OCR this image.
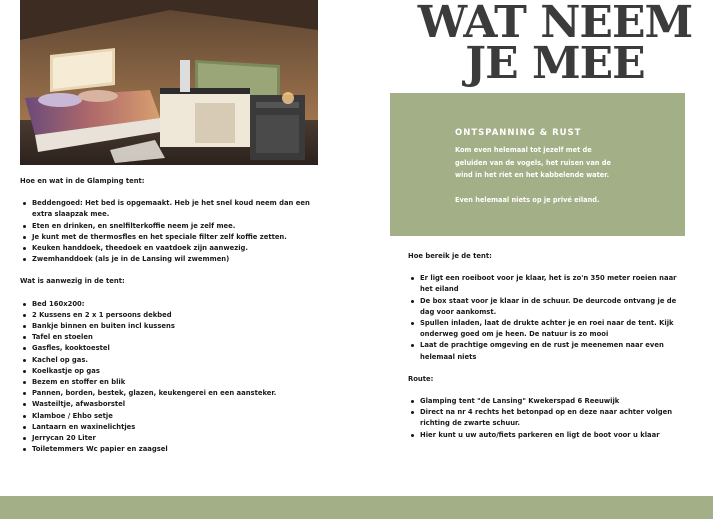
WAT NEEM
JE MEE
ONTSPANNING & RUST

Kom even helemaal tot jezelf met de
geluiden van de vogels, het ruisen van de
wind in het riet en het kabbelende water.

Even helemaal niets op je privé eiland.

Hoe en wat in de Glamping tent:

Beddengoed: Het bed is opgemaakt. Heb je het snel koud neem dan een extra slaapzak mee.
Eten en drinken, en snelfilterkoffie neem je zelf mee.
Je kunt met de thermosfles en het speciale filter zelf koffie zetten.
Keuken handdoek, theedoek en vaatdoek zijn aanwezig.
Zwemhanddoek (als je in de Lansing wil zwemmen)

Wat is aanwezig in de tent:

Bed 160x200:
2 Kussens en 2 x 1 persoons dekbed
Bankje binnen en buiten incl kussens
Tafel en stoelen
Gasfles, kooktoestel
Kachel op gas.
Koelkastje op gas
Bezem en stoffer en blik
Pannen, borden, bestek, glazen, keukengerei en een aansteker.
Wasteiltje, afwasborstel
Klamboe / Ehbo setje
Lantaarn en waxinelichtjes
Jerrycan 20 Liter
Toiletemmers Wc papier en zaagsel

Hoe bereik je de tent:

Er ligt een roeiboot voor je klaar, het is zo'n 350 meter roeien naar het eiland
De box staat voor je klaar in de schuur. De deurcode ontvang je de dag voor aankomst.
Spullen inladen, laat de drukte achter je en roei naar de tent. Kijk onderweg goed om je heen. De natuur is zo mooi
Laat de prachtige omgeving en de rust je meenemen naar even helemaal niets

Route:

Glamping tent "de Lansing" Kwekerspad 6 Reeuwijk
Direct na nr 4 rechts het betonpad op en deze naar achter volgen richting de zwarte schuur.
Hier kunt u uw auto/fiets parkeren en ligt de boot voor u klaar
